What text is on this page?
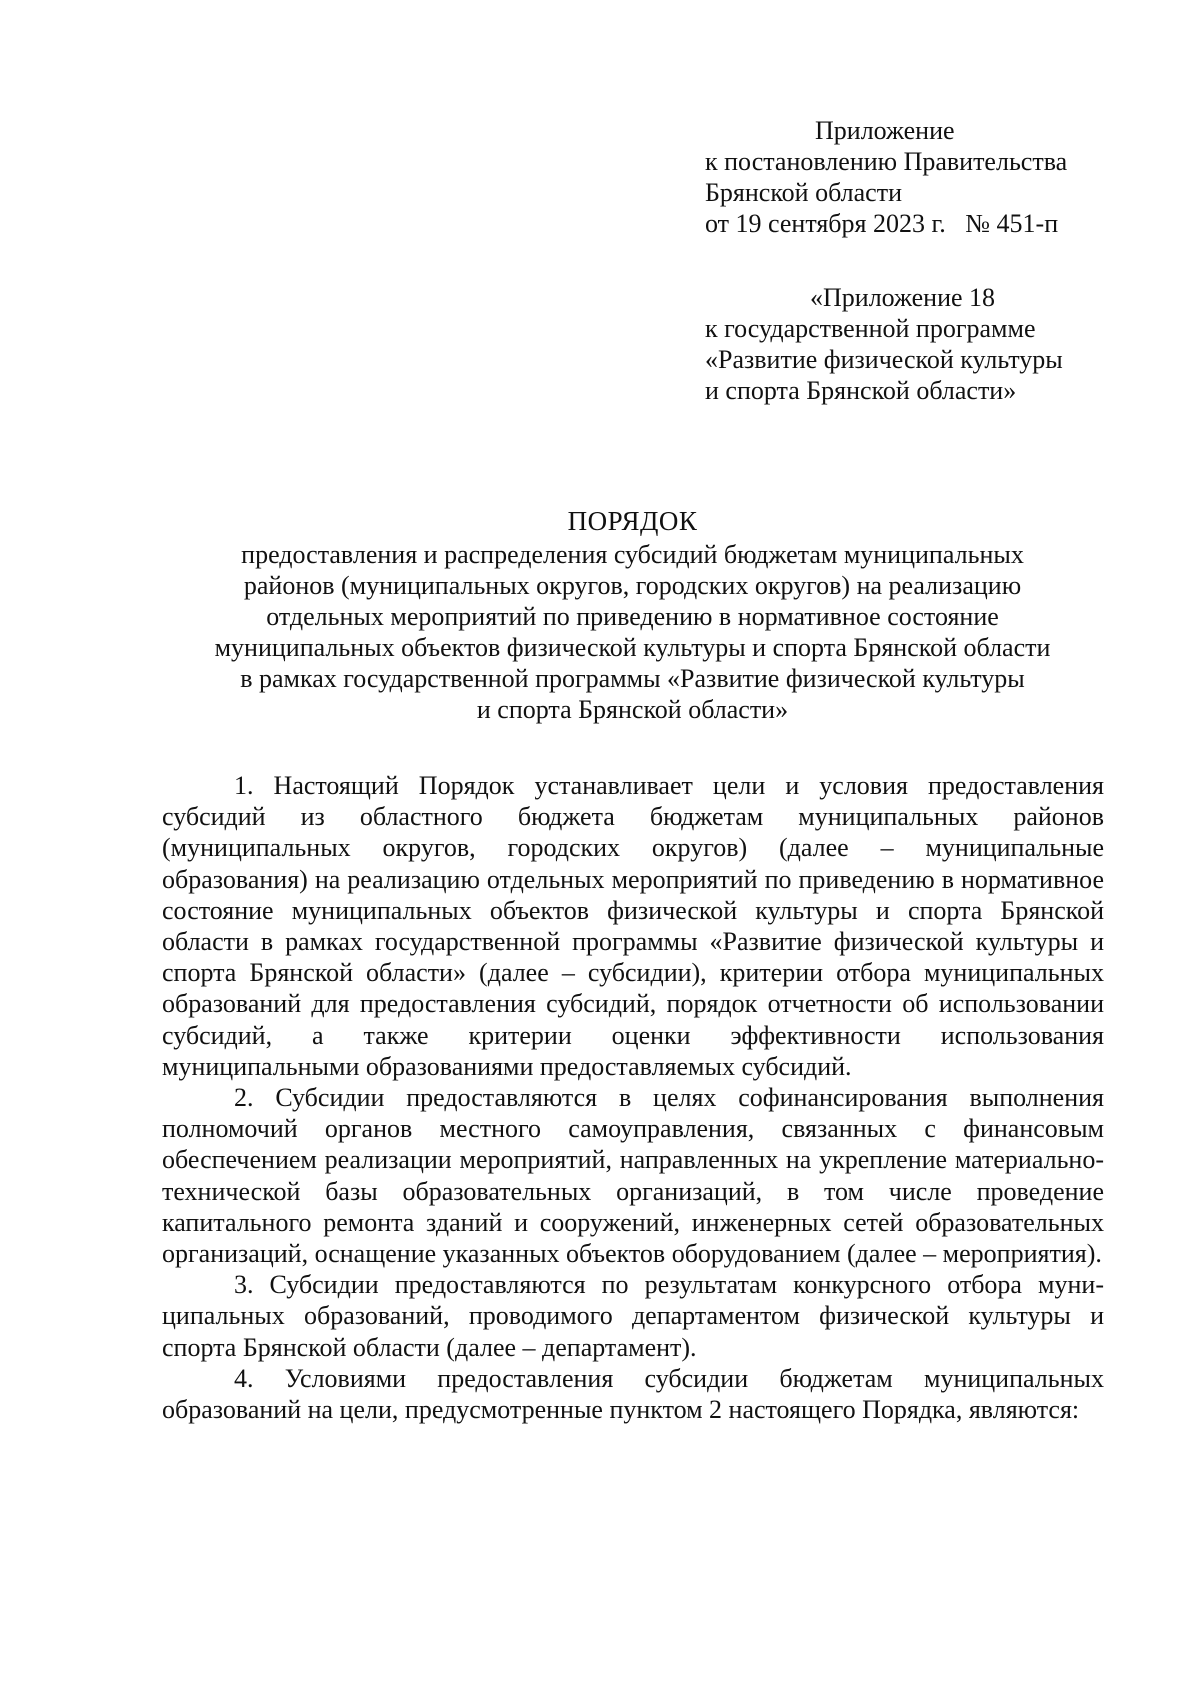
Приложение
к постановлению Правительства
Брянской области
от 19 сентября 2023 г. № 451-п
«Приложение 18
к государственной программе
«Развитие физической культуры
и спорта Брянской области»
ПОРЯДОК
предоставления и распределения субсидий бюджетам муниципальных
районов (муниципальных округов, городских округов) на реализацию
отдельных мероприятий по приведению в нормативное состояние
муниципальных объектов физической культуры и спорта Брянской области
в рамках государственной программы «Развитие физической культуры
и спорта Брянской области»

1. Настоящий Порядок устанавливает цели и условия предоставления субсидий из областного бюджета бюджетам муниципальных районов (муниципальных округов, городских округов) (далее – муниципальные образования) на реализацию отдельных мероприятий по приведению в нормативное состояние муниципальных объектов физической культуры и спорта Брянской области в рамках государственной программы «Развитие физической культуры и спорта Брянской области» (далее – субсидии), критерии отбора муниципальных образований для предоставления субсидий, порядок отчетности об использовании субсидий, а также критерии оценки эффективности использования муниципальными образованиями предоставляемых субсидий.

2. Субсидии предоставляются в целях софинансирования выполнения полномочий органов местного самоуправления, связанных с финансовым обеспечением реализации мероприятий, направленных на укрепление материально-технической базы образовательных организаций, в том числе проведение капитального ремонта зданий и сооружений, инженерных сетей образовательных организаций, оснащение указанных объектов оборудованием (далее – мероприятия).

3. Субсидии предоставляются по результатам конкурсного отбора муниципальных образований, проводимого департаментом физической культуры и спорта Брянской области (далее – департамент).

4. Условиями предоставления субсидии бюджетам муниципальных образований на цели, предусмотренные пунктом 2 настоящего Порядка, являются:
